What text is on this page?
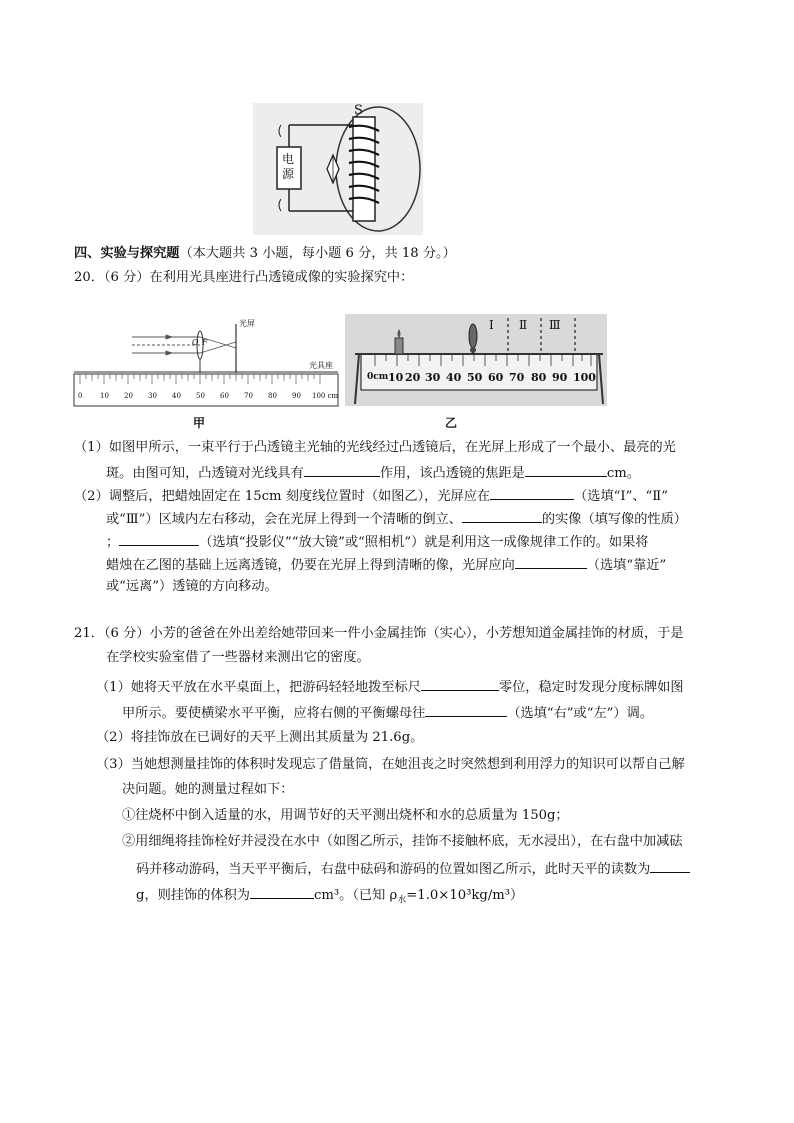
电源
S
四、实验与探究题（本大题共 3 小题，每小题 6 分，共 18 分。）
20．（6 分）在利用光具座进行凸透镜成像的实验探究中：
光屏
光具座
O F
0	10 20 30 40 50 60 70 80 90 100 cm
Ⅰ Ⅱ Ⅲ
0cm 10 20 30 40 50 60 70 80 90 100
甲	乙
（1）如图甲所示，一束平行于凸透镜主光轴的光线经过凸透镜后，在光屏上形成了一个最小、最亮的光
斑。由图可知，凸透镜对光线具有	作用，该凸透镜的焦距是	cm。
（2）调整后，把蜡烛固定在 15cm 刻度线位置时（如图乙），光屏应在	（选填“Ⅰ”、“Ⅱ”
或“Ⅲ”）区域内左右移动，会在光屏上得到一个清晰的倒立、	的实像（填写像的性质）
；	（选填“投影仪”“放大镜”或“照相机”）就是利用这一成像规律工作的。如果将
蜡烛在乙图的基础上远离透镜，仍要在光屏上得到清晰的像，光屏应向	（选填“靠近”
或“远离”）透镜的方向移动。
21．（6 分）小芳的爸爸在外出差给她带回来一件小金属挂饰（实心），小芳想知道金属挂饰的材质，于是
在学校实验室借了一些器材来测出它的密度。
（1）她将天平放在水平桌面上，把游码轻轻地拨至标尺	零位，稳定时发现分度标牌如图
甲所示。要使横梁水平平衡，应将右侧的平衡螺母往	（选填“右”或“左”）调。
（2）将挂饰放在已调好的天平上测出其质量为 21.6g。
（3）当她想测量挂饰的体积时发现忘了借量筒，在她沮丧之时突然想到利用浮力的知识可以帮自己解
决问题。她的测量过程如下：
①往烧杯中倒入适量的水，用调节好的天平测出烧杯和水的总质量为 150g；
②用细绳将挂饰栓好并浸没在水中（如图乙所示，挂饰不接触杯底，无水浸出），在右盘中加减砝
码并移动游码，当天平平衡后，右盘中砝码和游码的位置如图乙所示，此时天平的读数为
g，则挂饰的体积为	cm³。（已知 $\rho_水=1.0\times 10^3kg/m^3$）
